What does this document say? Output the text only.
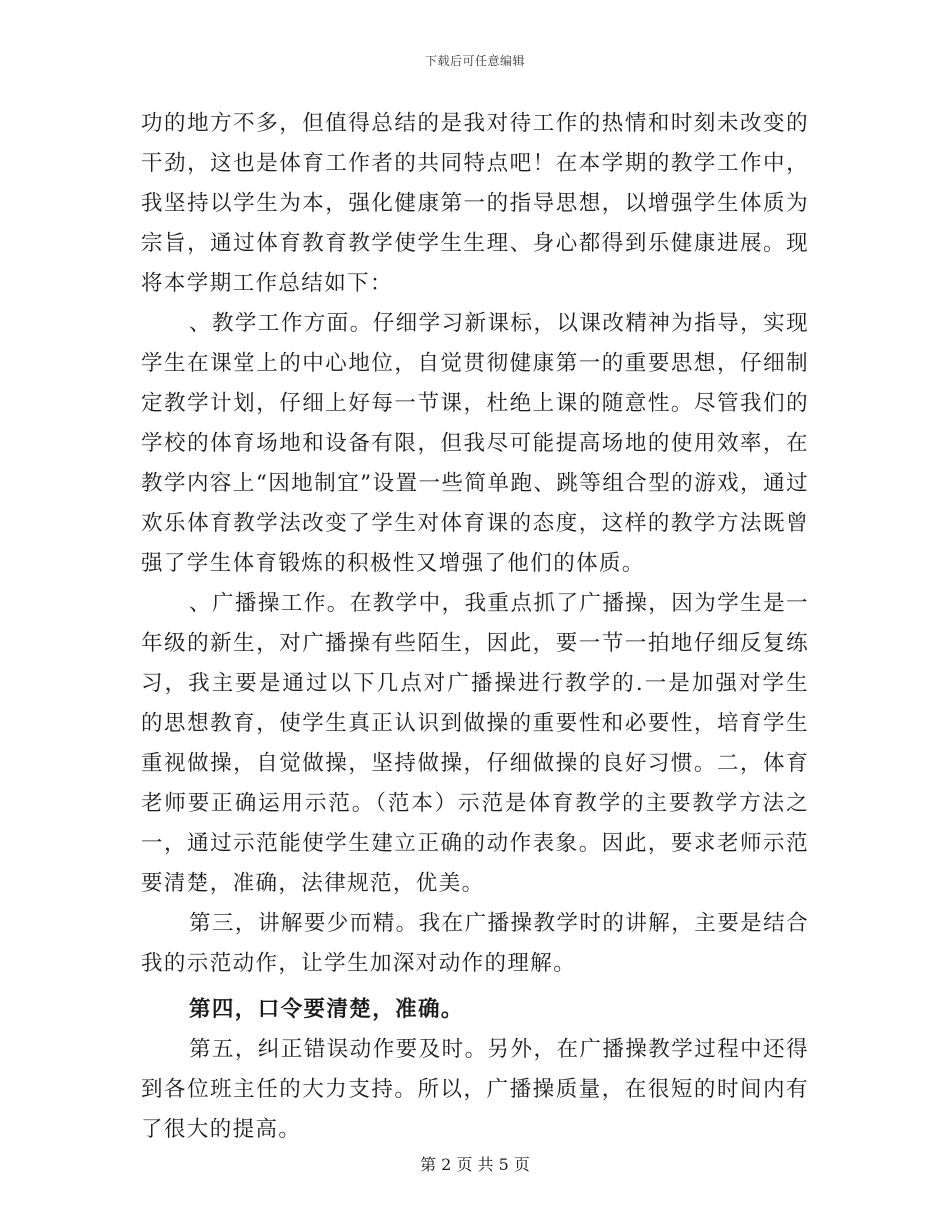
下载后可任意编辑

功的地方不多，但值得总结的是我对待工作的热情和时刻未改变的干劲，这也是体育工作者的共同特点吧！在本学期的教学工作中，我坚持以学生为本，强化健康第一的指导思想，以增强学生体质为宗旨，通过体育教育教学使学生生理、身心都得到乐健康进展。现将本学期工作总结如下：

、教学工作方面。仔细学习新课标，以课改精神为指导，实现学生在课堂上的中心地位，自觉贯彻健康第一的重要思想，仔细制定教学计划，仔细上好每一节课，杜绝上课的随意性。尽管我们的学校的体育场地和设备有限，但我尽可能提高场地的使用效率，在教学内容上“因地制宜”设置一些简单跑、跳等组合型的游戏，通过欢乐体育教学法改变了学生对体育课的态度，这样的教学方法既曾强了学生体育锻炼的积极性又增强了他们的体质。

、广播操工作。在教学中，我重点抓了广播操，因为学生是一年级的新生，对广播操有些陌生，因此，要一节一拍地仔细反复练习，我主要是通过以下几点对广播操进行教学的.一是加强对学生的思想教育，使学生真正认识到做操的重要性和必要性，培育学生重视做操，自觉做操，坚持做操，仔细做操的良好习惯。二，体育老师要正确运用示范。（范本）示范是体育教学的主要教学方法之一，通过示范能使学生建立正确的动作表象。因此，要求老师示范要清楚，准确，法律规范，优美。

第三，讲解要少而精。我在广播操教学时的讲解，主要是结合我的示范动作，让学生加深对动作的理解。

第四，口令要清楚，准确。

第五，纠正错误动作要及时。另外，在广播操教学过程中还得到各位班主任的大力支持。所以，广播操质量，在很短的时间内有了很大的提高。

第 2 页 共 5 页
